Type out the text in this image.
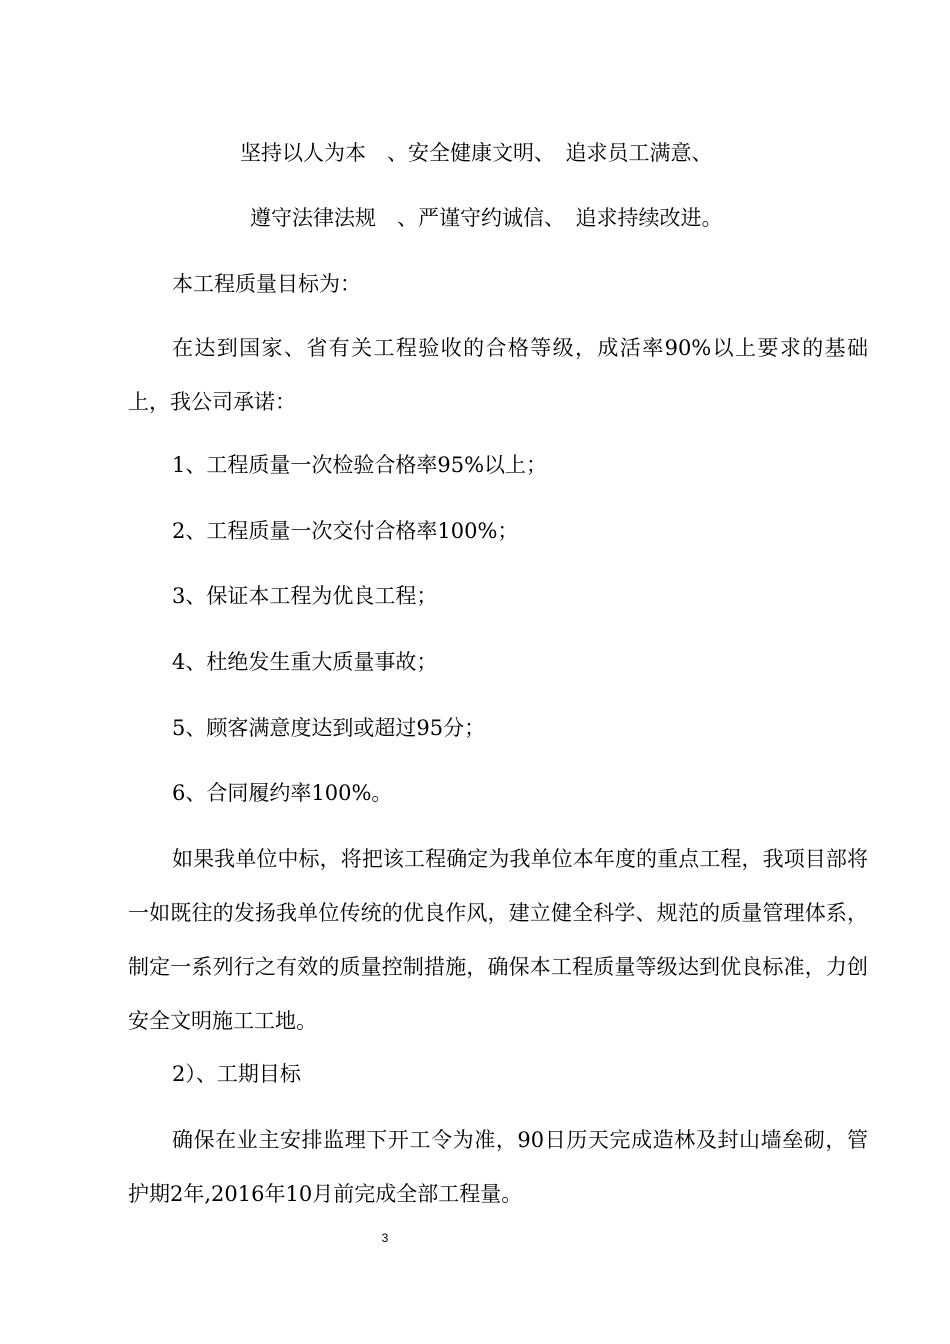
坚持以人为本　、安全健康文明、　追求员工满意、

遵守法律法规　、严谨守约诚信、　追求持续改进。

本工程质量目标为：

在达到国家、省有关工程验收的合格等级，成活率90%以上要求的基础上，我公司承诺：

1、工程质量一次检验合格率95%以上；

2、工程质量一次交付合格率100%；

3、保证本工程为优良工程；

4、杜绝发生重大质量事故；

5、顾客满意度达到或超过95分；

6、合同履约率100%。

如果我单位中标，将把该工程确定为我单位本年度的重点工程，我项目部将一如既往的发扬我单位传统的优良作风，建立健全科学、规范的质量管理体系，制定一系列行之有效的质量控制措施，确保本工程质量等级达到优良标准，力创安全文明施工工地。

2）、工期目标

确保在业主安排监理下开工令为准，90日历天完成造林及封山墙垒砌，管护期2年,2016年10月前完成全部工程量。

3
